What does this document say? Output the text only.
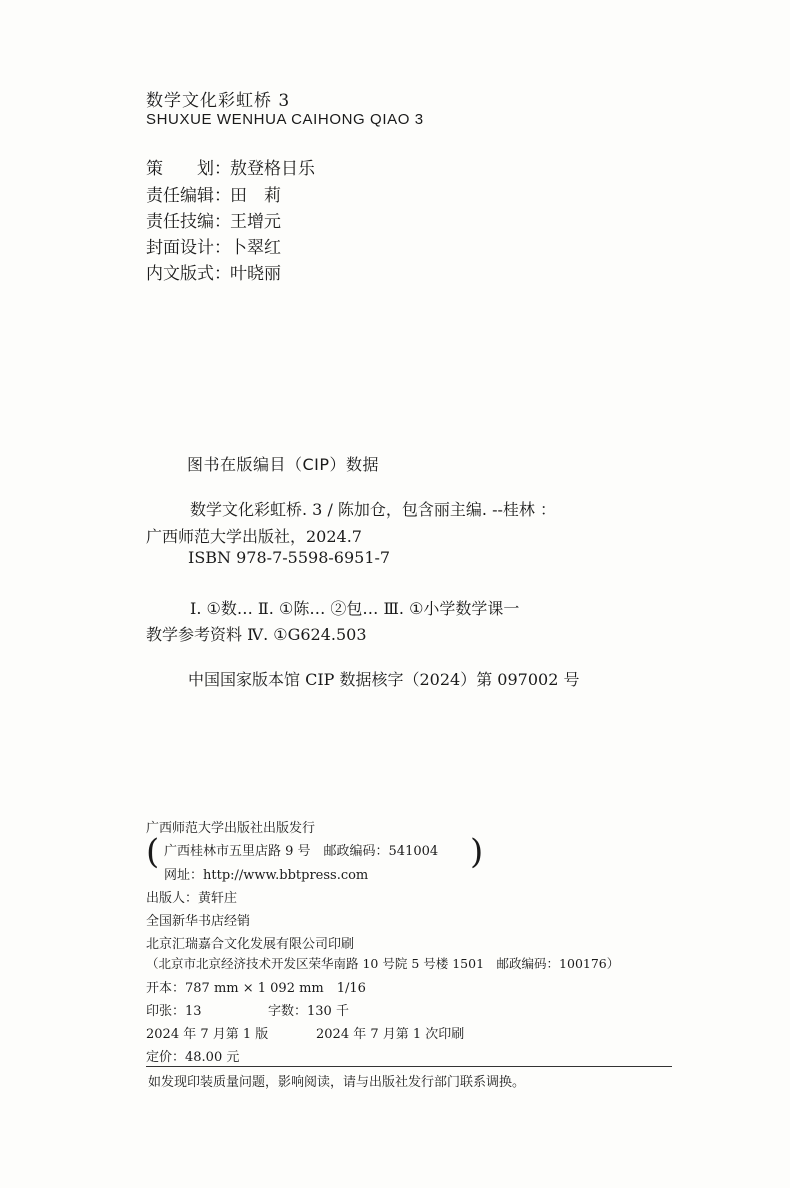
数学文化彩虹桥 3
SHUXUE WENHUA CAIHONG QIAO 3
策　　划： 敖登格日乐
责任编辑： 田　莉
责任技编： 王增元
封面设计： 卜翠红
内文版式： 叶晓丽
图书在版编目（CIP）数据
数学文化彩虹桥. 3 / 陈加仓，包含丽主编. --桂林 ：
广西师范大学出版社，2024.7
ISBN 978-7-5598-6951-7
Ⅰ. ①数… Ⅱ. ①陈… ②包… Ⅲ. ①小学数学课一
教学参考资料 Ⅳ. ①G624.503
中国国家版本馆 CIP 数据核字（2024）第 097002 号
广西师范大学出版社出版发行
( 广西桂林市五里店路 9 号　邮政编码：541004
网址：http://www.bbtpress.com
)
出版人：黄轩庄
全国新华书店经销
北京汇瑞嘉合文化发展有限公司印刷
（北京市北京经济技术开发区荣华南路 10 号院 5 号楼 1501　邮政编码：100176）
开本：787 mm × 1 092 mm　1/16
印张：13	字数：130 千
2024 年 7 月第 1 版	2024 年 7 月第 1 次印刷
定价：48.00 元
如发现印装质量问题，影响阅读，请与出版社发行部门联系调换。
